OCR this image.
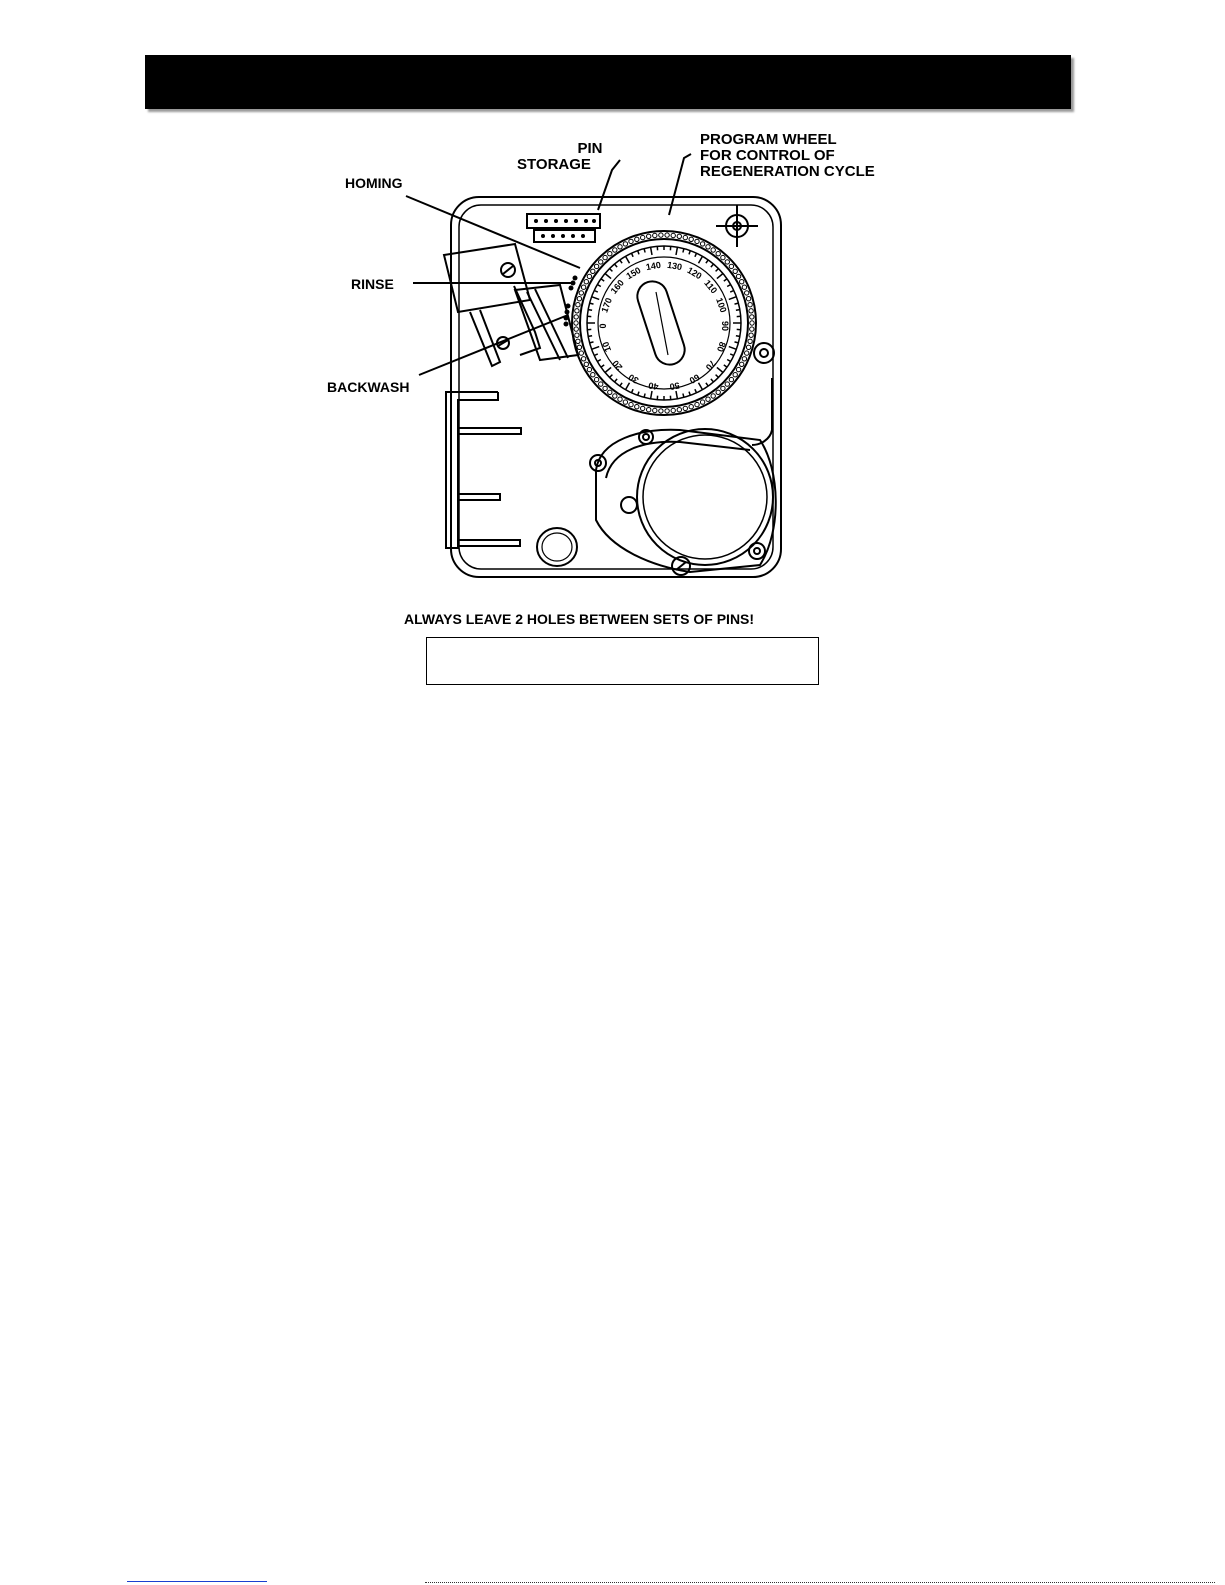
0
10
20
30
40 50
60
70
80
90
100
110
120
130
140
150
160
170
PIN
STORAGE
PROGRAM WHEEL
FOR CONTROL OF
REGENERATION CYCLE
HOMING
RINSE
BACKWASH
ALWAYS LEAVE 2 HOLES BETWEEN SETS OF PINS!
